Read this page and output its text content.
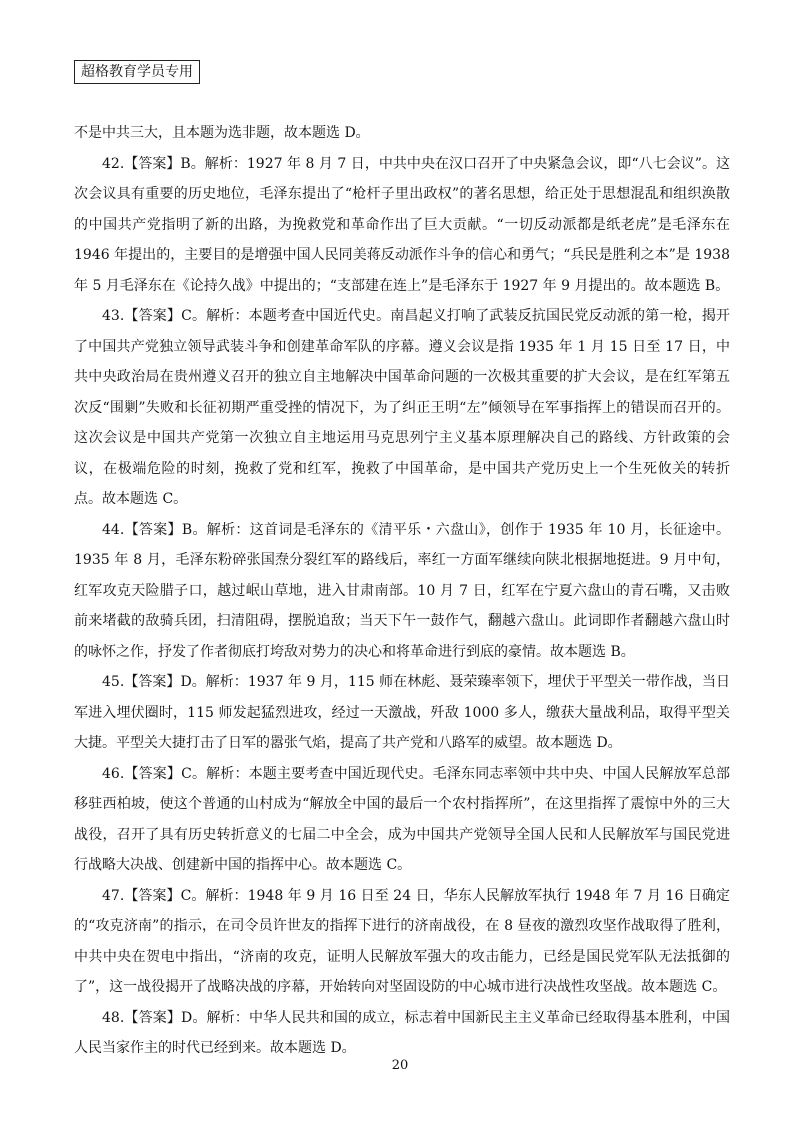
超格教育学员专用

不是中共三大，且本题为选非题，故本题选 D。

42.【答案】B。解析：1927 年 8 月 7 日，中共中央在汉口召开了中央紧急会议，即“八七会议”。这次会议具有重要的历史地位，毛泽东提出了“枪杆子里出政权”的著名思想，给正处于思想混乱和组织涣散的中国共产党指明了新的出路，为挽救党和革命作出了巨大贡献。“一切反动派都是纸老虎”是毛泽东在 1946 年提出的，主要目的是增强中国人民同美蒋反动派作斗争的信心和勇气；“兵民是胜利之本”是 1938 年 5 月毛泽东在《论持久战》中提出的；“支部建在连上”是毛泽东于 1927 年 9 月提出的。故本题选 B。

43.【答案】C。解析：本题考查中国近代史。南昌起义打响了武装反抗国民党反动派的第一枪，揭开了中国共产党独立领导武装斗争和创建革命军队的序幕。遵义会议是指 1935 年 1 月 15 日至 17 日，中共中央政治局在贵州遵义召开的独立自主地解决中国革命问题的一次极其重要的扩大会议，是在红军第五次反“围剿”失败和长征初期严重受挫的情况下，为了纠正王明“左”倾领导在军事指挥上的错误而召开的。这次会议是中国共产党第一次独立自主地运用马克思列宁主义基本原理解决自己的路线、方针政策的会议，在极端危险的时刻，挽救了党和红军，挽救了中国革命，是中国共产党历史上一个生死攸关的转折点。故本题选 C。

44.【答案】B。解析：这首词是毛泽东的《清平乐・六盘山》，创作于 1935 年 10 月，长征途中。1935 年 8 月，毛泽东粉碎张国焘分裂红军的路线后，率红一方面军继续向陕北根据地挺进。9 月中旬，红军攻克天险腊子口，越过岷山草地，进入甘肃南部。10 月 7 日，红军在宁夏六盘山的青石嘴，又击败前来堵截的敌骑兵团，扫清阻碍，摆脱追敌；当天下午一鼓作气，翻越六盘山。此词即作者翻越六盘山时的咏怀之作，抒发了作者彻底打垮敌对势力的决心和将革命进行到底的豪情。故本题选 B。

45.【答案】D。解析：1937 年 9 月，115 师在林彪、聂荣臻率领下，埋伏于平型关一带作战，当日军进入埋伏圈时，115 师发起猛烈进攻，经过一天激战，歼敌 1000 多人，缴获大量战利品，取得平型关大捷。平型关大捷打击了日军的嚣张气焰，提高了共产党和八路军的威望。故本题选 D。

46.【答案】C。解析：本题主要考查中国近现代史。毛泽东同志率领中共中央、中国人民解放军总部移驻西柏坡，使这个普通的山村成为“解放全中国的最后一个农村指挥所”，在这里指挥了震惊中外的三大战役，召开了具有历史转折意义的七届二中全会，成为中国共产党领导全国人民和人民解放军与国民党进行战略大决战、创建新中国的指挥中心。故本题选 C。

47.【答案】C。解析：1948 年 9 月 16 日至 24 日，华东人民解放军执行 1948 年 7 月 16 日确定的“攻克济南”的指示，在司令员许世友的指挥下进行的济南战役，在 8 昼夜的激烈攻坚作战取得了胜利，中共中央在贺电中指出，“济南的攻克，证明人民解放军强大的攻击能力，已经是国民党军队无法抵御的了”，这一战役揭开了战略决战的序幕，开始转向对坚固设防的中心城市进行决战性攻坚战。故本题选 C。

48.【答案】D。解析：中华人民共和国的成立，标志着中国新民主主义革命已经取得基本胜利，中国人民当家作主的时代已经到来。故本题选 D。

20
